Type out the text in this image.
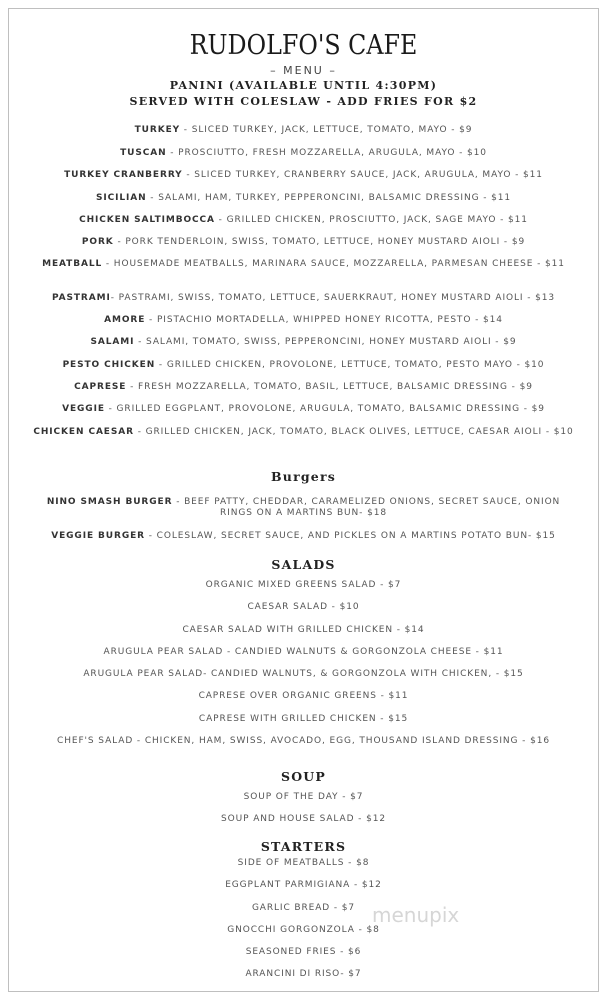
RUDOLFO'S CAFE
– MENU –
PANINI (AVAILABLE UNTIL 4:30PM)
SERVED WITH COLESLAW - ADD FRIES FOR $2
TURKEY - SLICED TURKEY, JACK, LETTUCE, TOMATO, MAYO - $9
TUSCAN - PROSCIUTTO, FRESH MOZZARELLA, ARUGULA, MAYO - $10
TURKEY CRANBERRY - SLICED TURKEY, CRANBERRY SAUCE, JACK, ARUGULA, MAYO - $11
SICILIAN - SALAMI, HAM, TURKEY, PEPPERONCINI, BALSAMIC DRESSING - $11
CHICKEN SALTIMBOCCA - GRILLED CHICKEN, PROSCIUTTO, JACK, SAGE MAYO - $11
PORK - PORK TENDERLOIN, SWISS, TOMATO, LETTUCE, HONEY MUSTARD AIOLI - $9
MEATBALL - HOUSEMADE MEATBALLS, MARINARA SAUCE, MOZZARELLA, PARMESAN CHEESE - $11
PASTRAMI- PASTRAMI, SWISS, TOMATO, LETTUCE, SAUERKRAUT, HONEY MUSTARD AIOLI - $13
AMORE - PISTACHIO MORTADELLA, WHIPPED HONEY RICOTTA, PESTO - $14
SALAMI - SALAMI, TOMATO, SWISS, PEPPERONCINI, HONEY MUSTARD AIOLI - $9
PESTO CHICKEN - GRILLED CHICKEN, PROVOLONE, LETTUCE, TOMATO, PESTO MAYO - $10
CAPRESE - FRESH MOZZARELLA, TOMATO, BASIL, LETTUCE, BALSAMIC DRESSING - $9
VEGGIE - GRILLED EGGPLANT, PROVOLONE, ARUGULA, TOMATO, BALSAMIC DRESSING - $9
CHICKEN CAESAR - GRILLED CHICKEN, JACK, TOMATO, BLACK OLIVES, LETTUCE, CAESAR AIOLI - $10
Burgers
NINO SMASH BURGER - BEEF PATTY, CHEDDAR, CARAMELIZED ONIONS, SECRET SAUCE, ONION RINGS ON A MARTINS BUN- $18
VEGGIE BURGER - COLESLAW, SECRET SAUCE, AND PICKLES ON A MARTINS POTATO BUN- $15
SALADS
ORGANIC MIXED GREENS SALAD - $7
CAESAR SALAD - $10
CAESAR SALAD WITH GRILLED CHICKEN - $14
ARUGULA PEAR SALAD - CANDIED WALNUTS & GORGONZOLA CHEESE - $11
ARUGULA PEAR SALAD- CANDIED WALNUTS, & GORGONZOLA WITH CHICKEN, - $15
CAPRESE OVER ORGANIC GREENS - $11
CAPRESE WITH GRILLED CHICKEN - $15
CHEF'S SALAD - CHICKEN, HAM, SWISS, AVOCADO, EGG, THOUSAND ISLAND DRESSING - $16
SOUP
SOUP OF THE DAY - $7
SOUP AND HOUSE SALAD - $12
STARTERS
SIDE OF MEATBALLS - $8
EGGPLANT PARMIGIANA - $12
GARLIC BREAD - $7
GNOCCHI GORGONZOLA - $8
SEASONED FRIES - $6
ARANCINI DI RISO- $7
menupix
